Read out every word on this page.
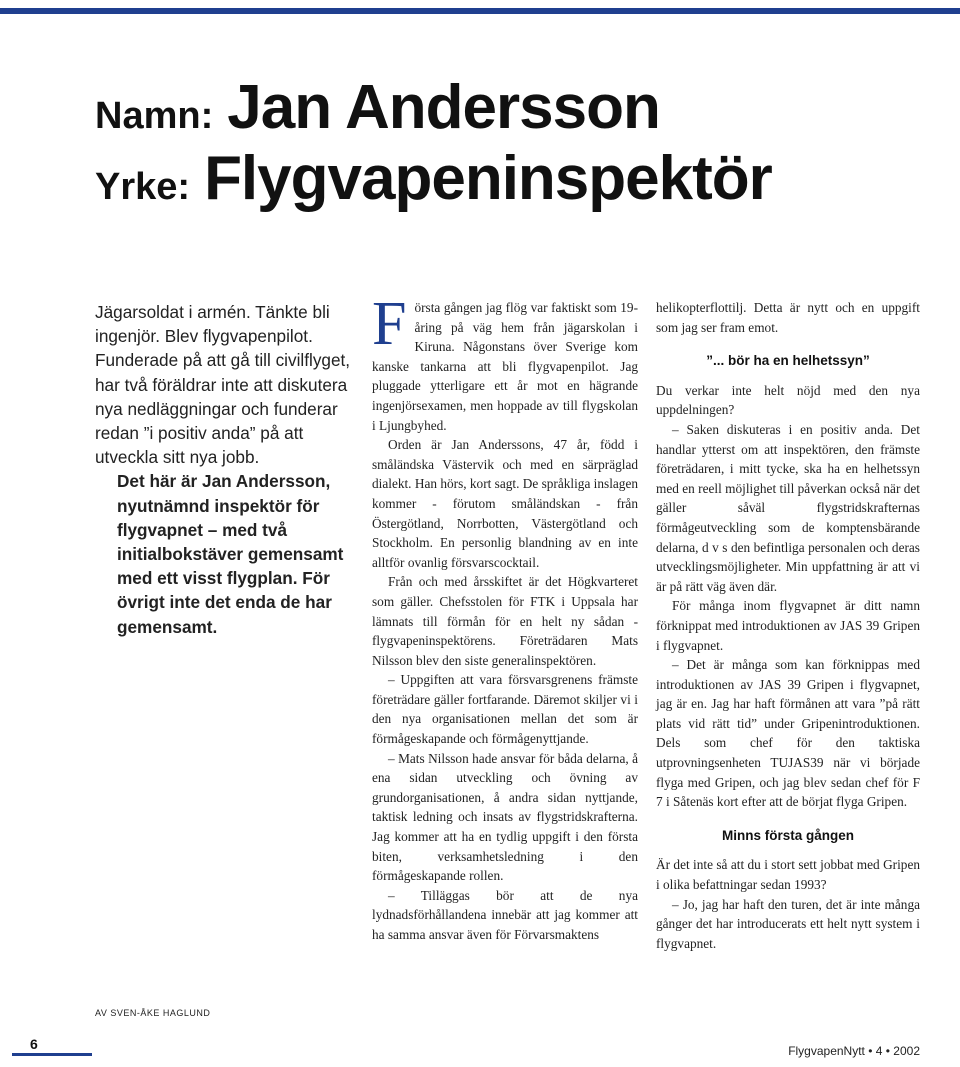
Namn: Jan Andersson
Yrke: Flygvapeninspektör

Jägarsoldat i armén. Tänkte bli ingenjör. Blev flygvapenpilot. Funderade på att gå till civilflyget, har två föräldrar inte att diskutera nya nedläggningar och funderar redan ”i positiv anda” på att utveckla sitt nya jobb.

Det här är Jan Andersson, nyutnämnd inspektör för flygvapnet – med två initialbokstäver gemensamt med ett visst flygplan. För övrigt inte det enda de har gemensamt.

AV SVEN-ÅKE HAGLUND

Första gången jag flög var faktiskt som 19-åring på väg hem från jägarskolan i Kiruna. Någonstans över Sverige kom kanske tankarna att bli flygvapenpilot. Jag pluggade ytterligare ett år mot en hägrande ingenjörsexamen, men hoppade av till flygskolan i Ljungbyhed.

Orden är Jan Anderssons, 47 år, född i småländska Västervik och med en särpräglad dialekt. Han hörs, kort sagt. De språkliga inslagen kommer - förutom småländskan - från Östergötland, Norrbotten, Västergötland och Stockholm. En personlig blandning av en inte alltför ovanlig försvarscocktail.

Från och med årsskiftet är det Högkvarteret som gäller. Chefsstolen för FTK i Uppsala har lämnats till förmån för en helt ny sådan - flygvapeninspektörens. Företrädaren Mats Nilsson blev den siste generalinspektören.

– Uppgiften att vara försvarsgrenens främste företrädare gäller fortfarande. Däremot skiljer vi i den nya organisationen mellan det som är förmågeskapande och förmågenyttjande.

– Mats Nilsson hade ansvar för båda delarna, å ena sidan utveckling och övning av grundorganisationen, å andra sidan nyttjande, taktisk ledning och insats av flygstridskrafterna. Jag kommer att ha en tydlig uppgift i den första biten, verksamhetsledning i den förmågeskapande rollen.

– Tilläggas bör att de nya lydnadsförhållandena innebär att jag kommer att ha samma ansvar även för Förvarsmaktens

helikopterflottilj. Detta är nytt och en uppgift som jag ser fram emot.

”... bör ha en helhetssyn”

Du verkar inte helt nöjd med den nya uppdelningen?

– Saken diskuteras i en positiv anda. Det handlar ytterst om att inspektören, den främste företrädaren, i mitt tycke, ska ha en helhetssyn med en reell möjlighet till påverkan också när det gäller såväl flygstridskrafternas förmågeutveckling som de komptensbärande delarna, d v s den befintliga personalen och deras utvecklingsmöjligheter. Min uppfattning är att vi är på rätt väg även där.

För många inom flygvapnet är ditt namn förknippat med introduktionen av JAS 39 Gripen i flygvapnet.

– Det är många som kan förknippas med introduktionen av JAS 39 Gripen i flygvapnet, jag är en. Jag har haft förmånen att vara ”på rätt plats vid rätt tid” under Gripenintroduktionen. Dels som chef för den taktiska utprovningsenheten TUJAS39 när vi började flyga med Gripen, och jag blev sedan chef för F 7 i Såtenäs kort efter att de börjat flyga Gripen.

Minns första gången

Är det inte så att du i stort sett jobbat med Gripen i olika befattningar sedan 1993?

– Jo, jag har haft den turen, det är inte många gånger det har introducerats ett helt nytt system i flygvapnet.

6	FlygvapenNytt • 4 • 2002
